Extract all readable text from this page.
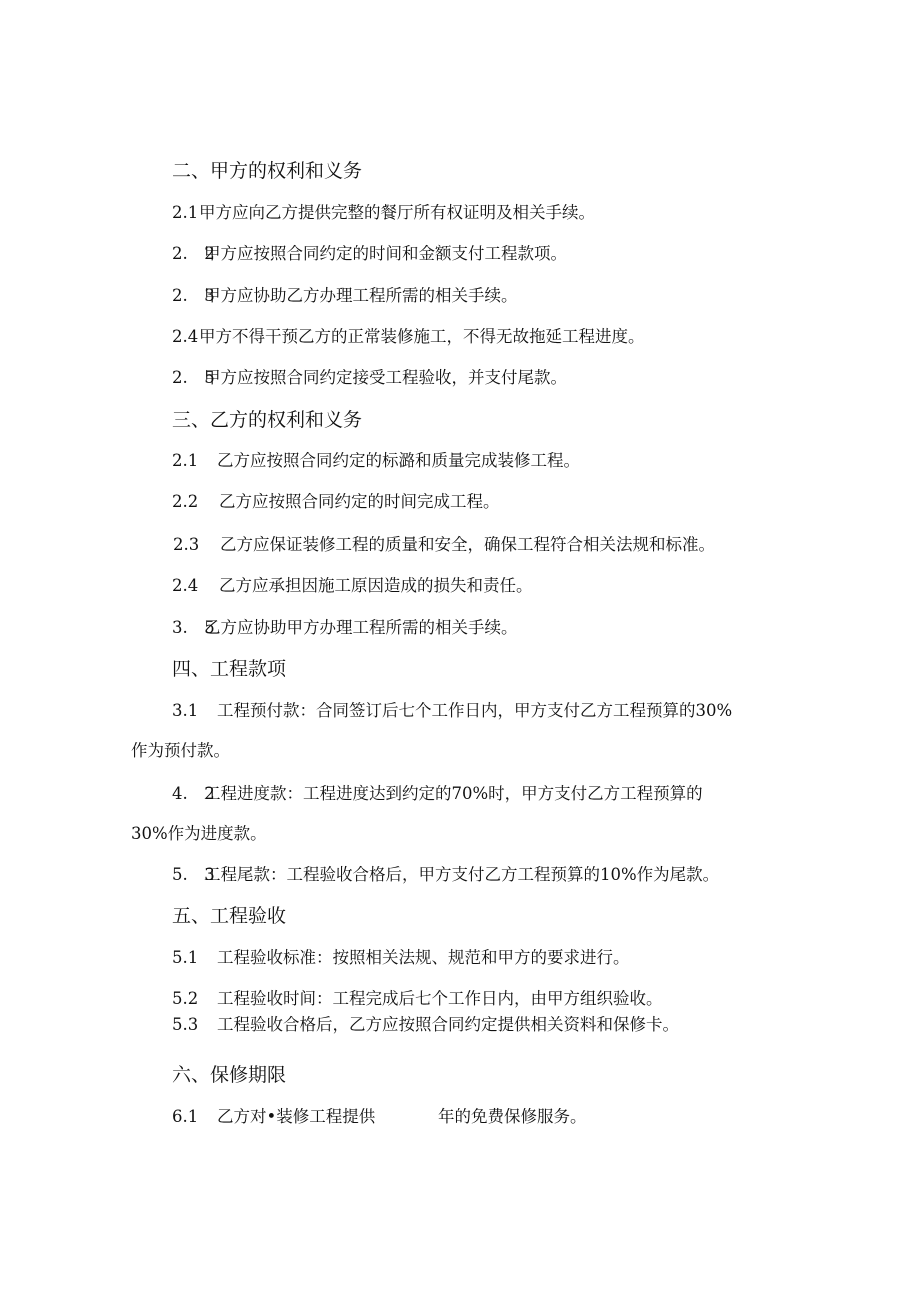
二、甲方的权利和义务
2.1 甲方应向乙方提供完整的餐厅所有权证明及相关手续。
2.　2
甲方应按照合同约定的时间和金额支付工程款项。
2.　3
甲方应协助乙方办理工程所需的相关手续。
2.4 甲方不得干预乙方的正常装修施工，不得无故拖延工程进度。
2.　5
甲方应按照合同约定接受工程验收，并支付尾款。
三、乙方的权利和义务
2.1 乙方应按照合同约定的标潞和质量完成装修工程。
2.2 乙方应按照合同约定的时间完成工程。
2.3 乙方应保证装修工程的质量和安全，确保工程符合相关法规和标准。
2.4 乙方应承担因施工原因造成的损失和责任。
3.　5
乙方应协助甲方办理工程所需的相关手续。
四、工程款项
3.1 工程预付款：合同签订后七个工作日内，甲方支付乙方工程预算的30%
作为预付款。
4.　2
工程进度款：工程进度达到约定的70%时，甲方支付乙方工程预算的
30%作为进度款。
5.　3
工程尾款：工程验收合格后，甲方支付乙方工程预算的10%作为尾款。
五、工程验收
5.1 工程验收标准：按照相关法规、规范和甲方的要求进行。
5.2 工程验收时间：工程完成后七个工作日内，由甲方组织验收。
5.3 工程验收合格后，乙方应按照合同约定提供相关资料和保修卡。
六、保修期限
6.1 乙方对•装修工程提供	年的免费保修服务。
